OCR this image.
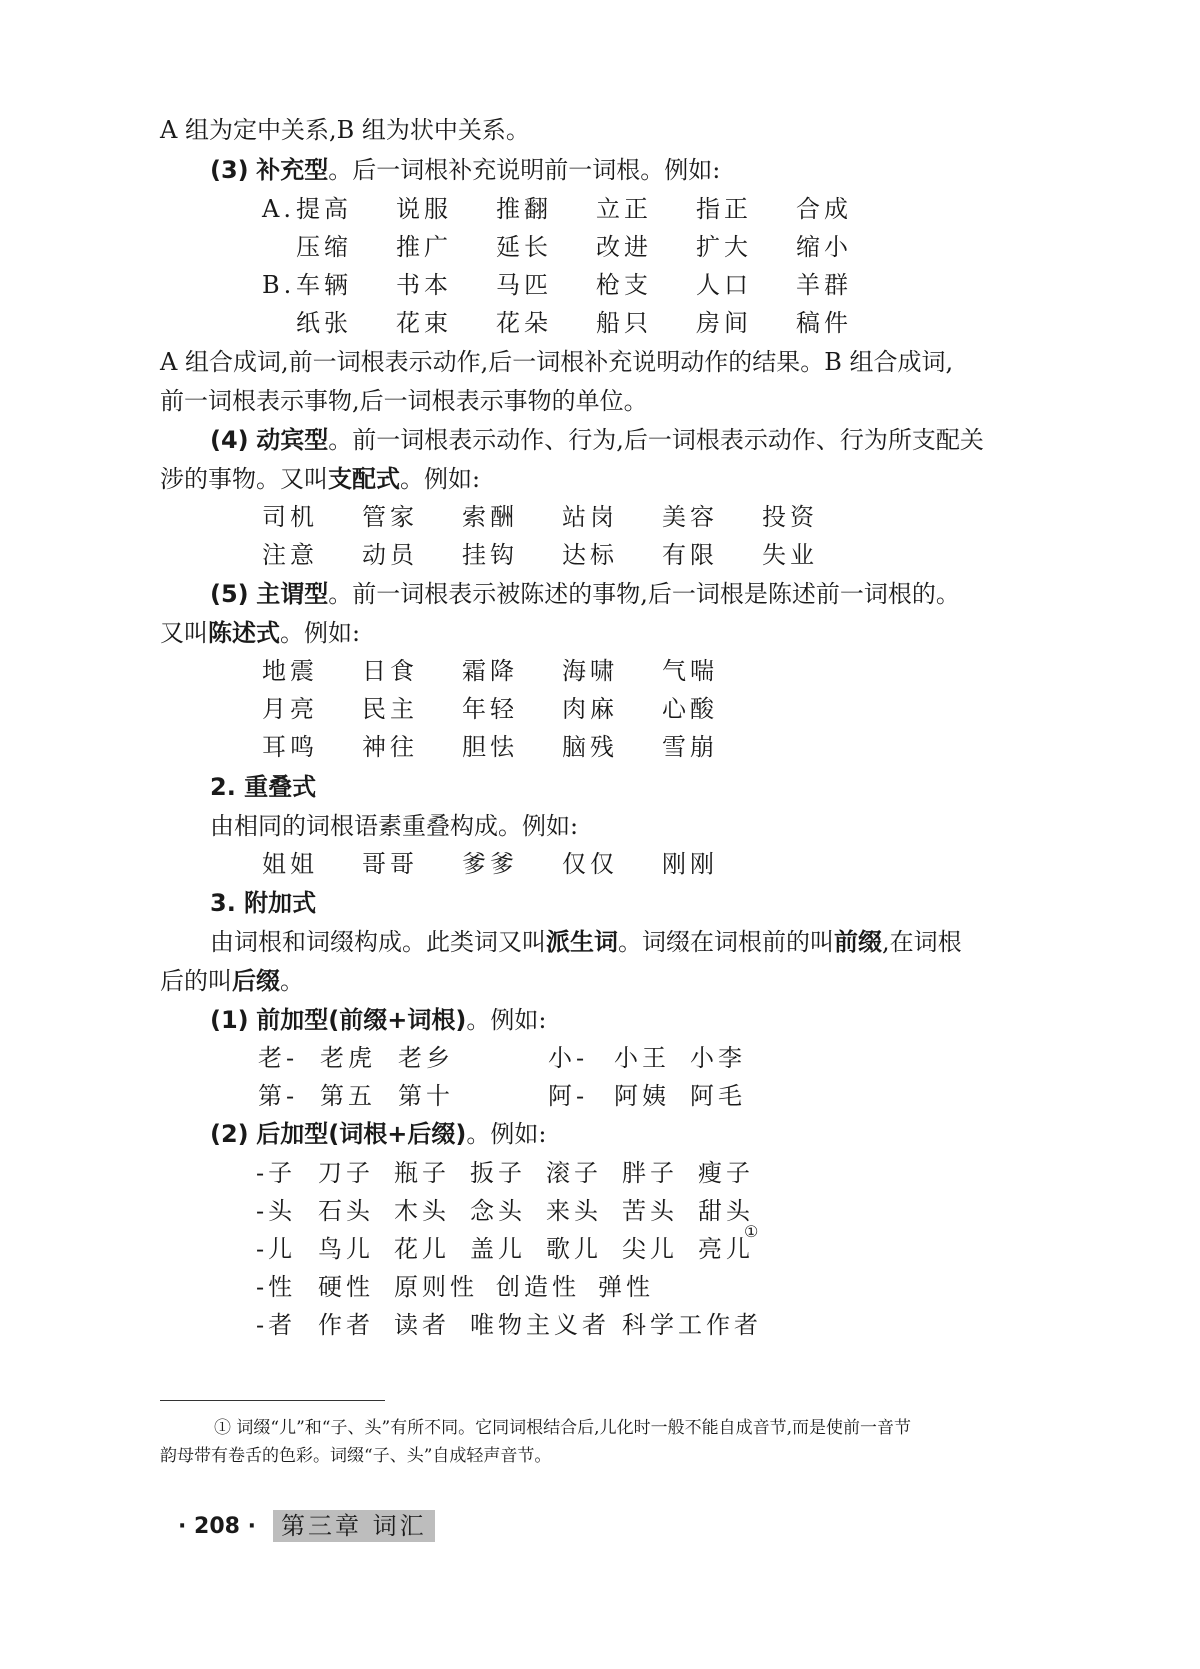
A 组为定中关系,B 组为状中关系。
(3) 补充型。后一词根补充说明前一词根。例如:
A. 提高 说服 推翻 立正 指正 合成
压缩 推广 延长 改进 扩大 缩小
B. 车辆 书本 马匹 枪支 人口 羊群
纸张 花束 花朵 船只 房间 稿件
A 组合成词,前一词根表示动作,后一词根补充说明动作的结果。B 组合成词,
前一词根表示事物,后一词根表示事物的单位。
(4) 动宾型。前一词根表示动作、行为,后一词根表示动作、行为所支配关
涉的事物。又叫支配式。例如:
司机 管家 索酬 站岗 美容 投资
注意 动员 挂钩 达标 有限 失业
(5) 主谓型。前一词根表示被陈述的事物,后一词根是陈述前一词根的。
又叫陈述式。例如:
地震 日食 霜降 海啸 气喘
月亮 民主 年轻 肉麻 心酸
耳鸣 神往 胆怯 脑残 雪崩
2. 重叠式
由相同的词根语素重叠构成。例如:
姐姐 哥哥 爹爹 仅仅 刚刚
3. 附加式
由词根和词缀构成。此类词又叫派生词。词缀在词根前的叫前缀,在词根
后的叫后缀。
(1) 前加型(前缀+词根)。例如:
老- 老虎 老乡	小- 小王 小李
第- 第五 第十	阿- 阿姨 阿毛
(2) 后加型(词根+后缀)。例如:
-子 刀子 瓶子 扳子 滚子 胖子 瘦子
-头 石头 木头 念头 来头 苦头 甜头
-儿 鸟儿 花儿 盖儿 歌儿 尖儿 亮儿
①
-性 硬性 原则性 创造性 弹性
-者 作者 读者 唯物主义者 科学工作者
① 词缀“儿”和“子、头”有所不同。它同词根结合后,儿化时一般不能自成音节,而是使前一音节
韵母带有卷舌的色彩。词缀“子、头”自成轻声音节。
· 208 ·	第三章 词汇
